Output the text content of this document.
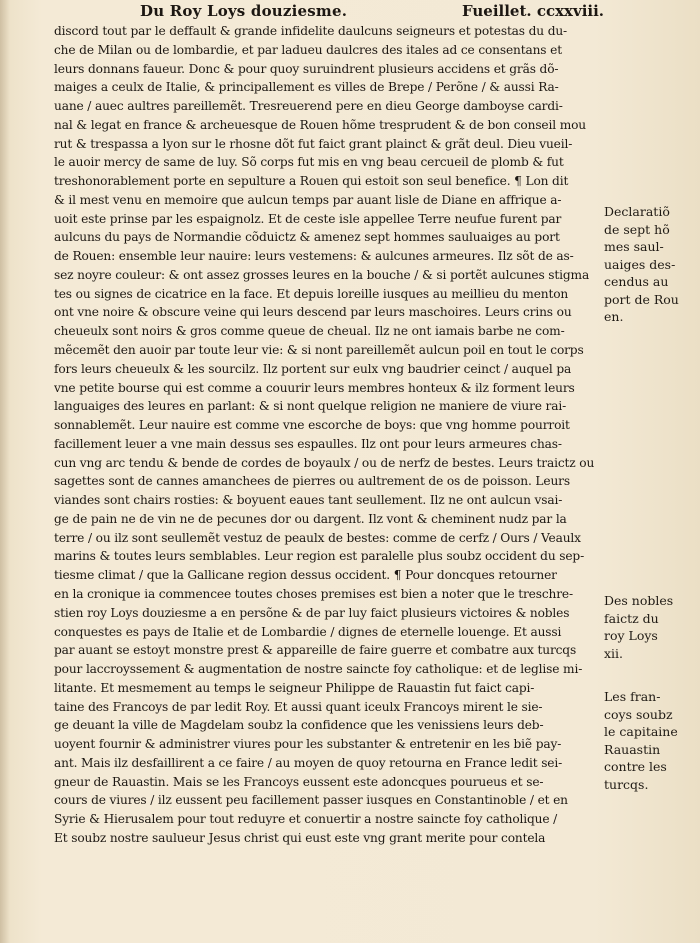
Du Roy Loys douziesme.	Fueillet. ccxxviii.
discord tout par le deffault & grande infidelite daulcuns seigneurs et potestas du du-
che de Milan ou de lombardie, et par ladueu daulcres des itales ad ce consentans et
leurs donnans faueur. Donc & pour quoy suruindrent plusieurs accidens et grãs dõ-
maiges a ceulx de Italie, & principallement es villes de Brepe / Perõne / & aussi Ra-
uane / auec aultres pareillemẽt. Tresreuerend pere en dieu George damboyse cardi-
nal & legat en france & archeuesque de Rouen hõme tresprudent & de bon conseil mou
rut & trespassa a lyon sur le rhosne dõt fut faict grant plainct & grãt deul. Dieu vueil-
le auoir mercy de same de luy. Sõ corps fut mis en vng beau cercueil de plomb & fut
treshonorablement porte en sepulture a Rouen qui estoit son seul benefice. ¶ Lon dit
& il mest venu en memoire que aulcun temps par auant lisle de Diane en affrique a-
uoit este prinse par les espaignolz. Et de ceste isle appellee Terre neufue furent par
aulcuns du pays de Normandie cõduictz & amenez sept hommes sauluaiges au port
de Rouen: ensemble leur nauire: leurs vestemens: & aulcunes armeures. Ilz sõt de as-
sez noyre couleur: & ont assez grosses leures en la bouche / & si portẽt aulcunes stigma
tes ou signes de cicatrice en la face. Et depuis loreille iusques au meillieu du menton
ont vne noire & obscure veine qui leurs descend par leurs maschoires. Leurs crins ou
cheueulx sont noirs & gros comme queue de cheual. Ilz ne ont iamais barbe ne com-
mẽcemẽt den auoir par toute leur vie: & si nont pareillemẽt aulcun poil en tout le corps
fors leurs cheueulx & les sourcilz. Ilz portent sur eulx vng baudrier ceinct / auquel pa
vne petite bourse qui est comme a couurir leurs membres honteux & ilz forment leurs
languaiges des leures en parlant: & si nont quelque religion ne maniere de viure rai-
sonnablemẽt. Leur nauire est comme vne escorche de boys: que vng homme pourroit
facillement leuer a vne main dessus ses espaulles. Ilz ont pour leurs armeures chas-
cun vng arc tendu & bende de cordes de boyaulx / ou de nerfz de bestes. Leurs traictz ou
sagettes sont de cannes amanchees de pierres ou aultrement de os de poisson. Leurs
viandes sont chairs rosties: & boyuent eaues tant seullement. Ilz ne ont aulcun vsai-
ge de pain ne de vin ne de pecunes dor ou dargent. Ilz vont & cheminent nudz par la
terre / ou ilz sont seullemẽt vestuz de peaulx de bestes: comme de cerfz / Ours / Veaulx
marins & toutes leurs semblables. Leur region est paralelle plus soubz occident du sep-
tiesme climat / que la Gallicane region dessus occident. ¶ Pour doncques retourner
en la cronique ia commencee toutes choses premises est bien a noter que le treschre-
stien roy Loys douziesme a en persõne & de par luy faict plusieurs victoires & nobles
conquestes es pays de Italie et de Lombardie / dignes de eternelle louenge. Et aussi
par auant se estoyt monstre prest & appareille de faire guerre et combatre aux turcqs
pour laccroyssement & augmentation de nostre saincte foy catholique: et de leglise mi-
litante. Et mesmement au temps le seigneur Philippe de Rauastin fut faict capi-
taine des Francoys de par ledit Roy. Et aussi quant iceulx Francoys mirent le sie-
ge deuant la ville de Magdelam soubz la confidence que les venissiens leurs deb-
uoyent fournir & administrer viures pour les substanter & entretenir en les biẽ pay-
ant. Mais ilz desfaillirent a ce faire / au moyen de quoy retourna en France ledit sei-
gneur de Rauastin. Mais se les Francoys eussent este adoncques pourueus et se-
cours de viures / ilz eussent peu facillement passer iusques en Constantinoble / et en
Syrie & Hierusalem pour tout reduyre et conuertir a nostre saincte foy catholique /
Et soubz nostre saulueur Jesus christ qui eust este vng grant merite pour contela
Declaratiõ
de sept hõ
mes saul-
uaiges des-
cendus au
port de Rou
en.
Des nobles
faictz du
roy Loys
xii.
Les fran-
coys soubz
le capitaine
Rauastin
contre les
turcqs.
